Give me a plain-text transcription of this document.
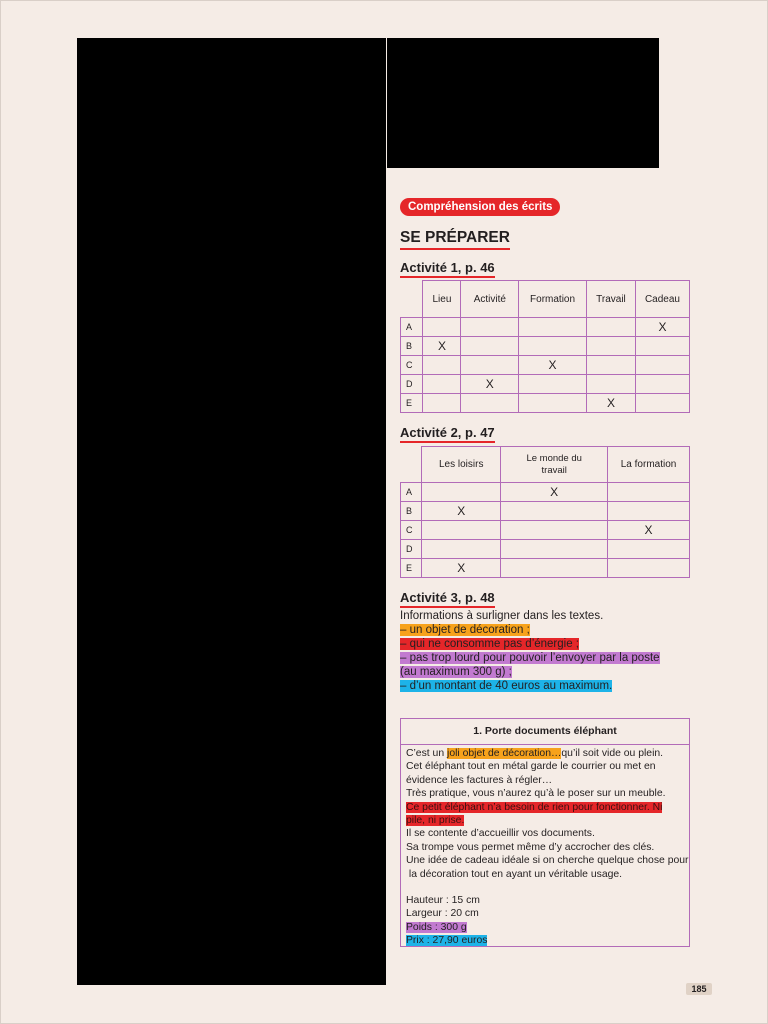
Compréhension des écrits
SE PRÉPARER
Activité 1, p. 46
	Lieu	Activité	Formation	Travail	Cadeau
A					X
B	X				
C			X		
D		X			
E				X	
Activité 2, p. 47
	Les loisirs	Le monde du travail	La formation
A		X	
B	X		
C			X
D			
E	X		
Activité 3, p. 48
Informations à surligner dans les textes.
– un objet de décoration ;
– qui ne consomme pas d’énergie ;
– pas trop lourd pour pouvoir l’envoyer par la poste
(au maximum 300 g) ;
– d’un montant de 40 euros au maximum.
1. Porte documents éléphant
C’est un joli objet de décoration…qu’il soit vide ou plein.
Cet éléphant tout en métal garde le courrier ou met en
évidence les factures à régler…
Très pratique, vous n’aurez qu’à le poser sur un meuble.
Ce petit éléphant n’a besoin de rien pour fonctionner. Ni
pile, ni prise.
Il se contente d’accueillir vos documents.
Sa trompe vous permet même d’y accrocher des clés.
Une idée de cadeau idéale si on cherche quelque chose pour
la décoration tout en ayant un véritable usage.
Hauteur : 15 cm
Largeur : 20 cm
Poids : 300 g
Prix : 27,90 euros
185
